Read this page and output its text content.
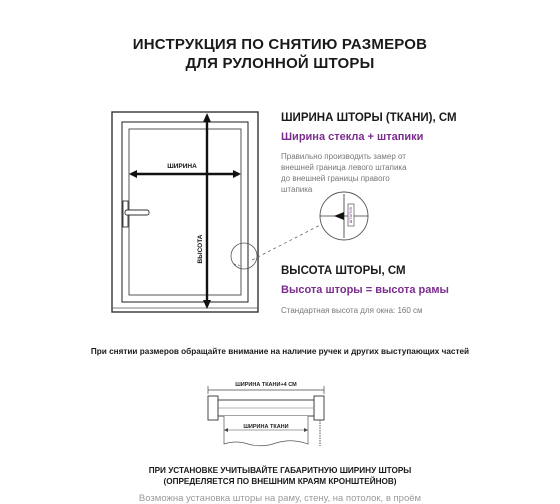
ИНСТРУКЦИЯ ПО СНЯТИЮ РАЗМЕРОВ
ДЛЯ РУЛОННОЙ ШТОРЫ
ШИРИНА
ВЫСОТА
ШТАПИК
ШИРИНА ШТОРЫ (ТКАНИ), СМ
Ширина стекла + штапики
Правильно производить замер от
внешней граница левого штапика
до внешней границы правого
штапика
ВЫСОТА ШТОРЫ, СМ
Высота шторы = высота рамы
Стандартная высота для окна: 160 см
При снятии размеров обращайте внимание на наличие ручек и других выступающих частей
ШИРИНА ТКАНИ+4 СМ
ШИРИНА ТКАНИ
ПРИ УСТАНОВКЕ УЧИТЫВАЙТЕ ГАБАРИТНУЮ ШИРИНУ ШТОРЫ
(ОПРЕДЕЛЯЕТСЯ ПО ВНЕШНИМ КРАЯМ КРОНШТЕЙНОВ)
Возможна установка шторы на раму, стену, на потолок, в проём
